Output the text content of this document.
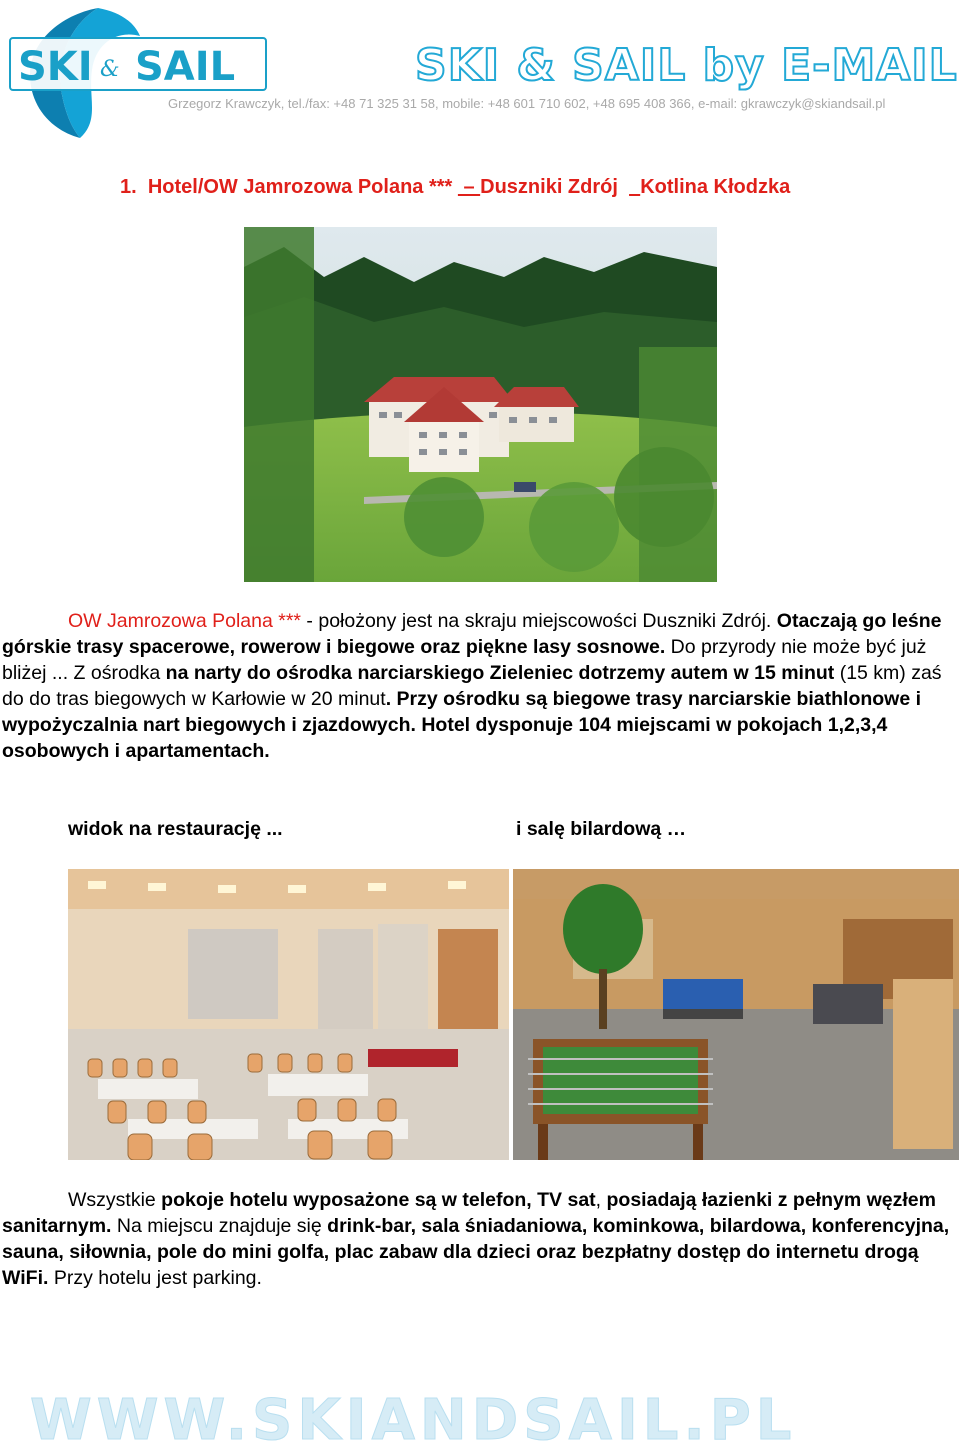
SKI & SAIL	SKI & SAIL by E-MAIL
Grzegorz Krawczyk, tel./fax: +48 71 325 31 58, mobile: +48 601 710 602, +48 695 408 366, e-mail: gkrawczyk@skiandsail.pl
1. Hotel/OW Jamrozowa Polana ***  – Duszniki Zdrój Kotlina Kłodzka
OW Jamrozowa Polana *** - położony jest na skraju miejscowości Duszniki Zdrój. Otaczają go leśne górskie trasy spacerowe, rowerow i biegowe oraz piękne lasy sosnowe. Do przyrody nie może być już bliżej ... Z ośrodka na narty do ośrodka narciarskiego Zieleniec dotrzemy autem w 15 minut (15 km) zaś do do tras biegowych w Karłowie w 20 minut. Przy ośrodku są biegowe trasy narciarskie biathlonowe i wypożyczalnia nart biegowych i zjazdowych. Hotel dysponuje 104 miejscami w pokojach 1,2,3,4 osobowych i apartamentach.
widok na restaurację ...	i salę bilardową …
Wszystkie pokoje hotelu wyposażone są w telefon, TV sat, posiadają łazienki z pełnym węzłem sanitarnym. Na miejscu znajduje się drink-bar, sala śniadaniowa, kominkowa, bilardowa, konferencyjna, sauna, siłownia, pole do mini golfa, plac zabaw dla dzieci oraz bezpłatny dostęp do internetu drogą WiFi. Przy hotelu jest parking.
WWW.SKIANDSAIL.PL
